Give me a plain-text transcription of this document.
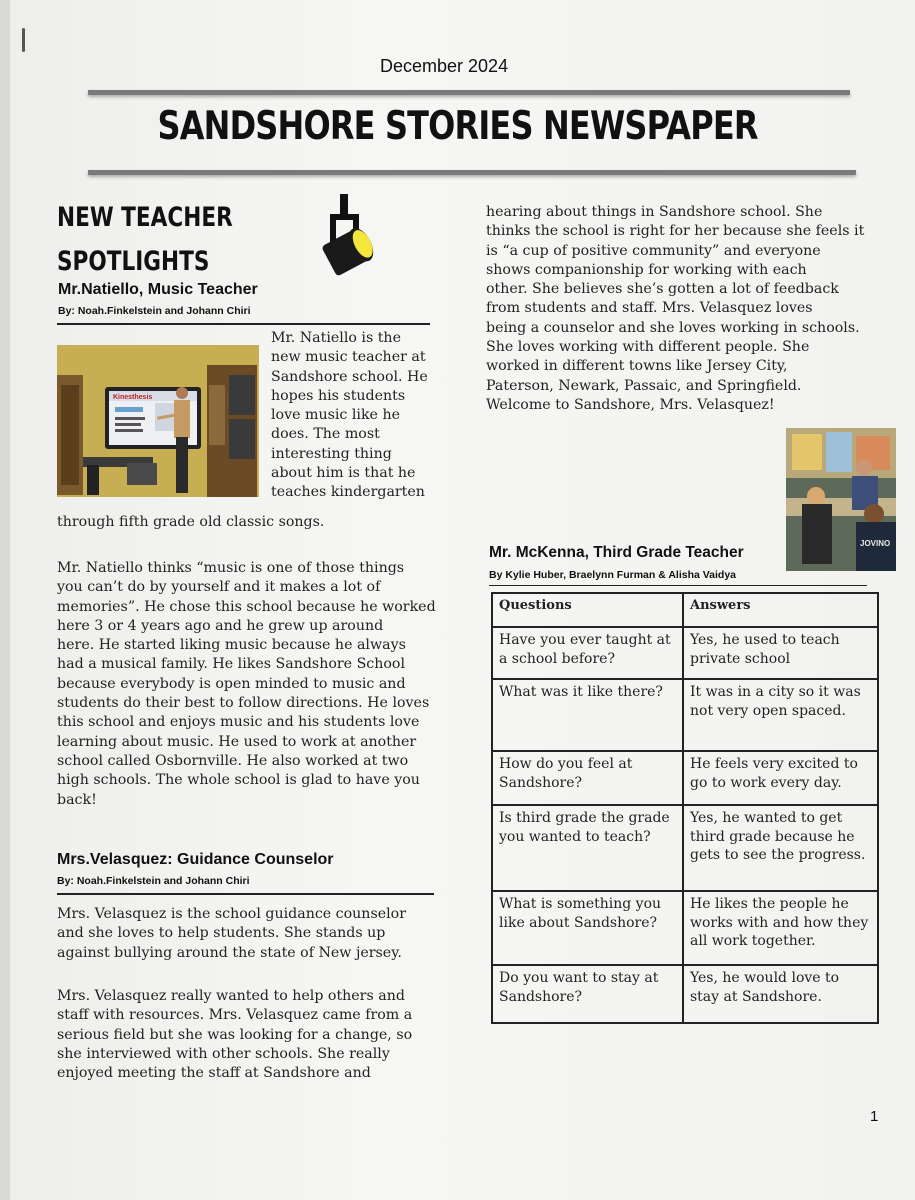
December 2024
SANDSHORE STORIES NEWSPAPER
NEW TEACHER
SPOTLIGHTS
Mr.Natiello, Music Teacher
By: Noah.Finkelstein and Johann Chiri
Kinesthesis
Mr. Natiello is the
new music teacher at
Sandshore school. He
hopes his students
love music like he
does. The most
interesting thing
about him is that he
teaches kindergarten
through fifth grade old classic songs.
Mr. Natiello thinks “music is one of those things
you can’t do by yourself and it makes a lot of
memories”. He chose this school because he worked
here 3 or 4 years ago and he grew up around
here. He started liking music because he always
had a musical family. He likes Sandshore School
because everybody is open minded to music and
students do their best to follow directions. He loves
this school and enjoys music and his students love
learning about music. He used to work at another
school called Osbornville. He also worked at two
high schools. The whole school is glad to have you
back!
Mrs.Velasquez: Guidance Counselor
By: Noah.Finkelstein and Johann Chiri
Mrs. Velasquez is the school guidance counselor
and she loves to help students. She stands up
against bullying around the state of New jersey.
Mrs. Velasquez really wanted to help others and
staff with resources. Mrs. Velasquez came from a
serious field but she was looking for a change, so
she interviewed with other schools. She really
enjoyed meeting the staff at Sandshore and
hearing about things in Sandshore school. She
thinks the school is right for her because she feels it
is “a cup of positive community” and everyone
shows companionship for working with each
other. She believes she’s gotten a lot of feedback
from students and staff. Mrs. Velasquez loves
being a counselor and she loves working in schools.
She loves working with different people. She
worked in different towns like Jersey City,
Paterson, Newark, Passaic, and Springfield.
Welcome to Sandshore, Mrs. Velasquez!
JOVINO
Mr. McKenna, Third Grade Teacher
By Kylie Huber, Braelynn Furman & Alisha Vaidya
Questions	Answers
Have you ever taught at a school before?	Yes, he used to teach private school
What was it like there?	It was in a city so it was not very open spaced.
How do you feel at Sandshore?	He feels very excited to go to work every day.
Is third grade the grade you wanted to teach?	Yes, he wanted to get third grade because he gets to see the progress.
What is something you like about Sandshore?	He likes the people he works with and how they all work together.
Do you want to stay at Sandshore?	Yes, he would love to stay at Sandshore.
1
